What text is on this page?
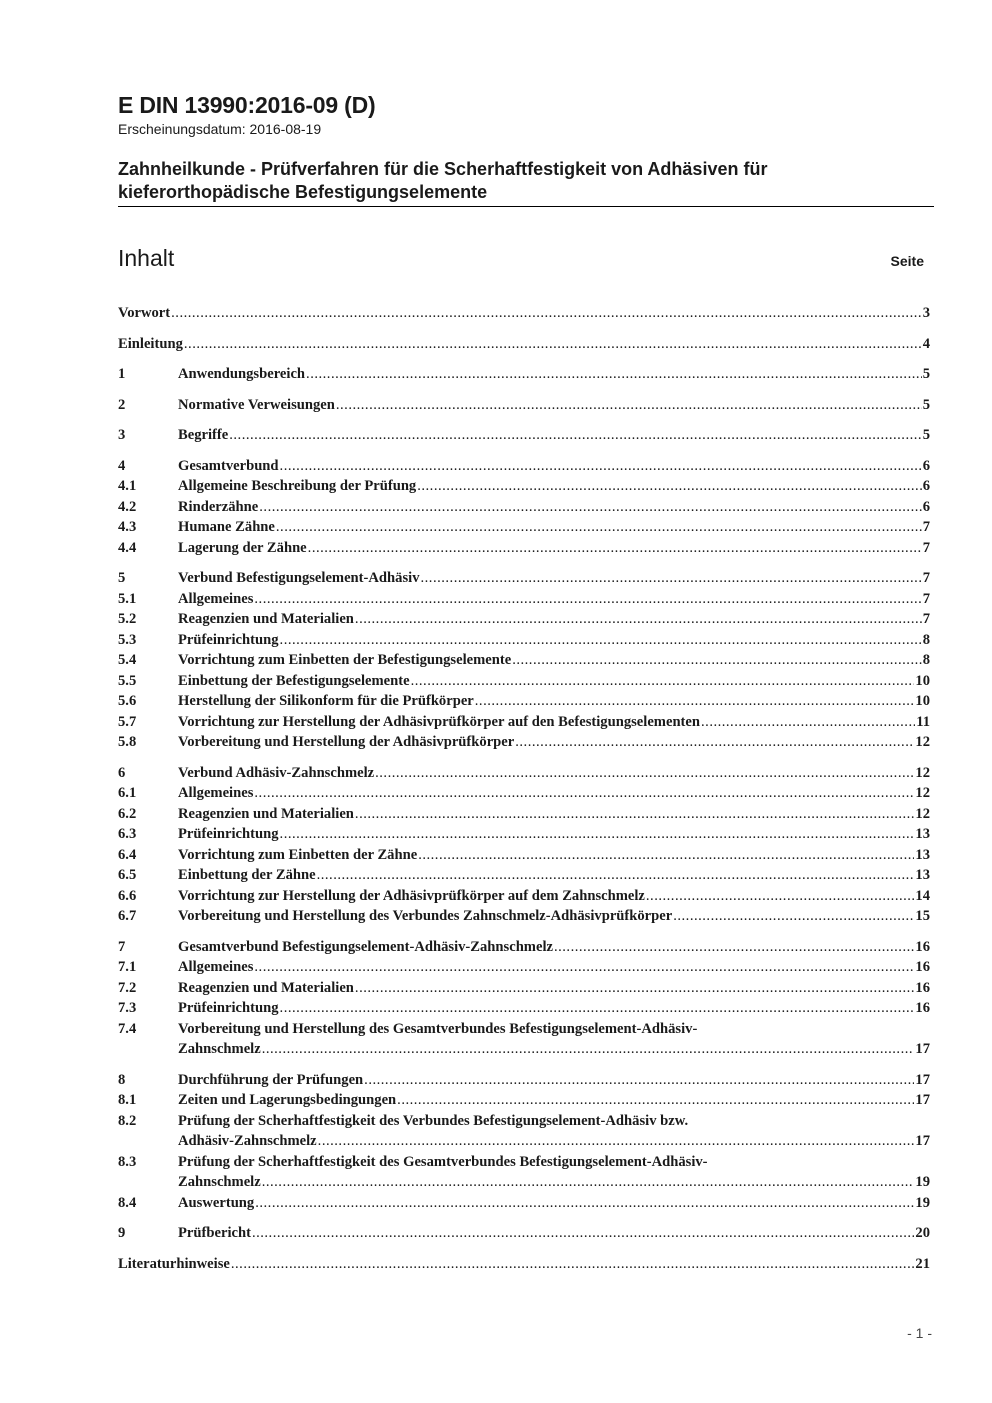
E DIN 13990:2016-09 (D)
Erscheinungsdatum: 2016-08-19
Zahnheilkunde - Prüfverfahren für die Scherhaftfestigkeit von Adhäsiven für
kieferorthopädische Befestigungselemente
Inhalt	Seite
Vorwort .....	3
Einleitung .....	4
1	Anwendungsbereich .....	5
2	Normative Verweisungen .....	5
3	Begriffe .....	5
4	Gesamtverbund .....	6
4.1	Allgemeine Beschreibung der Prüfung .....	6
4.2	Rinderzähne .....	6
4.3	Humane Zähne .....	7
4.4	Lagerung der Zähne .....	7
5	Verbund Befestigungselement-Adhäsiv .....	7
5.1	Allgemeines .....	7
5.2	Reagenzien und Materialien .....	7
5.3	Prüfeinrichtung .....	8
5.4	Vorrichtung zum Einbetten der Befestigungselemente .....	8
5.5	Einbettung der Befestigungselemente .....	10
5.6	Herstellung der Silikonform für die Prüfkörper .....	10
5.7	Vorrichtung zur Herstellung der Adhäsivprüfkörper auf den Befestigungselementen .....	11
5.8	Vorbereitung und Herstellung der Adhäsivprüfkörper .....	12
6	Verbund Adhäsiv-Zahnschmelz .....	12
6.1	Allgemeines .....	12
6.2	Reagenzien und Materialien .....	12
6.3	Prüfeinrichtung .....	13
6.4	Vorrichtung zum Einbetten der Zähne .....	13
6.5	Einbettung der Zähne .....	13
6.6	Vorrichtung zur Herstellung der Adhäsivprüfkörper auf dem Zahnschmelz .....	14
6.7	Vorbereitung und Herstellung des Verbundes Zahnschmelz-Adhäsivprüfkörper .....	15
7	Gesamtverbund Befestigungselement-Adhäsiv-Zahnschmelz .....	16
7.1	Allgemeines .....	16
7.2	Reagenzien und Materialien .....	16
7.3	Prüfeinrichtung .....	16
7.4	Vorbereitung und Herstellung des Gesamtverbundes Befestigungselement-Adhäsiv-
Zahnschmelz .....	17
8	Durchführung der Prüfungen .....	17
8.1	Zeiten und Lagerungsbedingungen .....	17
8.2	Prüfung der Scherhaftfestigkeit des Verbundes Befestigungselement-Adhäsiv bzw.
Adhäsiv-Zahnschmelz .....	17
8.3	Prüfung der Scherhaftfestigkeit des Gesamtverbundes Befestigungselement-Adhäsiv-
Zahnschmelz .....	19
8.4	Auswertung .....	19
9	Prüfbericht .....	20
Literaturhinweise .....	21
- 1 -
